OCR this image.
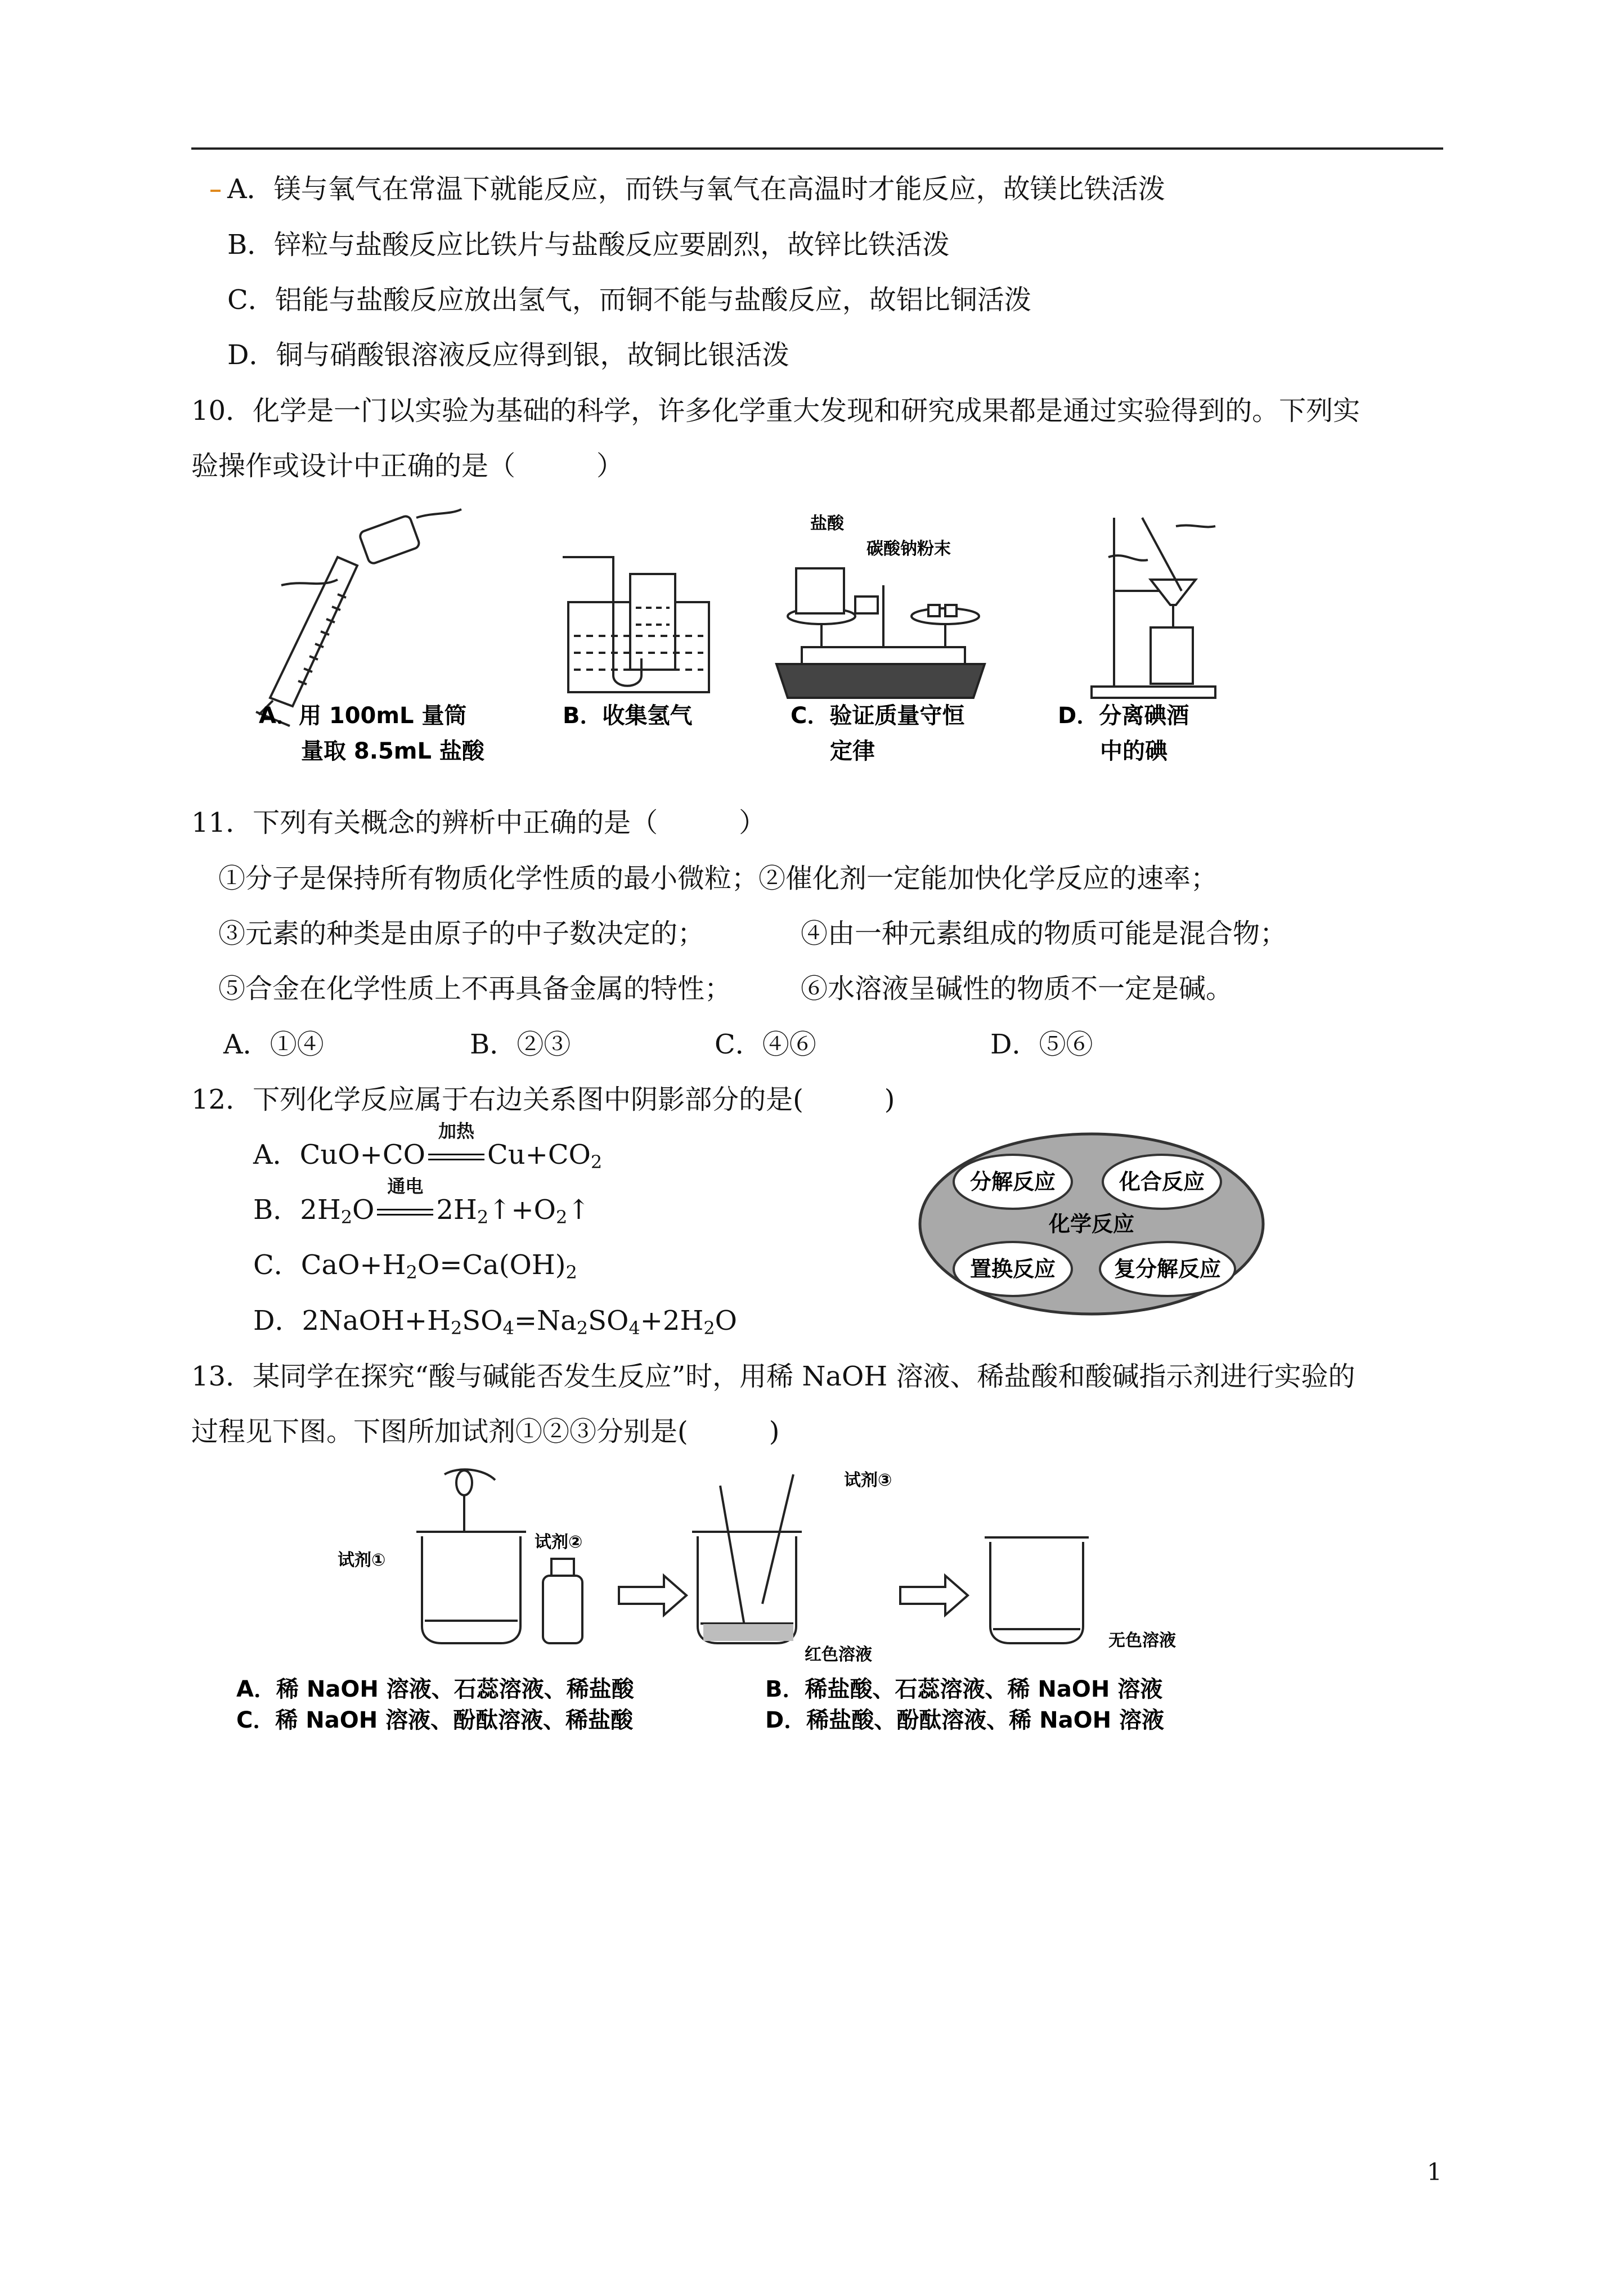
A．镁与氧气在常温下就能反应，而铁与氧气在高温时才能反应，故镁比铁活泼
B．锌粒与盐酸反应比铁片与盐酸反应要剧烈，故锌比铁活泼
C．铝能与盐酸反应放出氢气，而铜不能与盐酸反应，故铝比铜活泼
D．铜与硝酸银溶液反应得到银，故铜比银活泼
10．化学是一门以实验为基础的科学，许多化学重大发现和研究成果都是通过实验得到的。下列实
验操作或设计中正确的是（　　　）
A．用 100mL 量筒
量取 8.5mL 盐酸
B．收集氢气
盐酸
碳酸钠粉末
C．验证质量守恒
定律
D．分离碘酒
中的碘
11．下列有关概念的辨析中正确的是（　　　）
①分子是保持所有物质化学性质的最小微粒；②催化剂一定能加快化学反应的速率；
③元素的种类是由原子的中子数决定的；	④由一种元素组成的物质可能是混合物；
⑤合金在化学性质上不再具备金属的特性；	⑥水溶液呈碱性的物质不一定是碱。
A．①④	B．②③	C．④⑥	D．⑤⑥
12．下列化学反应属于右边关系图中阴影部分的是(　　　)
A．CuO+CO
加热
$Cu+CO_2$
B．$2H_2O$
通电
$2H_2↑+O_2↑$
C．$CaO+H_2O=Ca(OH)_2$
D．$2NaOH+H_2SO_4=Na_2SO_4+2H_2O$
分解反应	化合反应
化学反应
置换反应	复分解反应
13．某同学在探究“酸与碱能否发生反应”时，用稀 NaOH 溶液、稀盐酸和酸碱指示剂进行实验的
过程见下图。下图所加试剂①②③分别是(　　　)
试剂①
试剂②
试剂③
红色溶液
无色溶液
A．稀 NaOH 溶液、石蕊溶液、稀盐酸
C．稀 NaOH 溶液、酚酞溶液、稀盐酸
B．稀盐酸、石蕊溶液、稀 NaOH 溶液
D．稀盐酸、酚酞溶液、稀 NaOH 溶液
1
